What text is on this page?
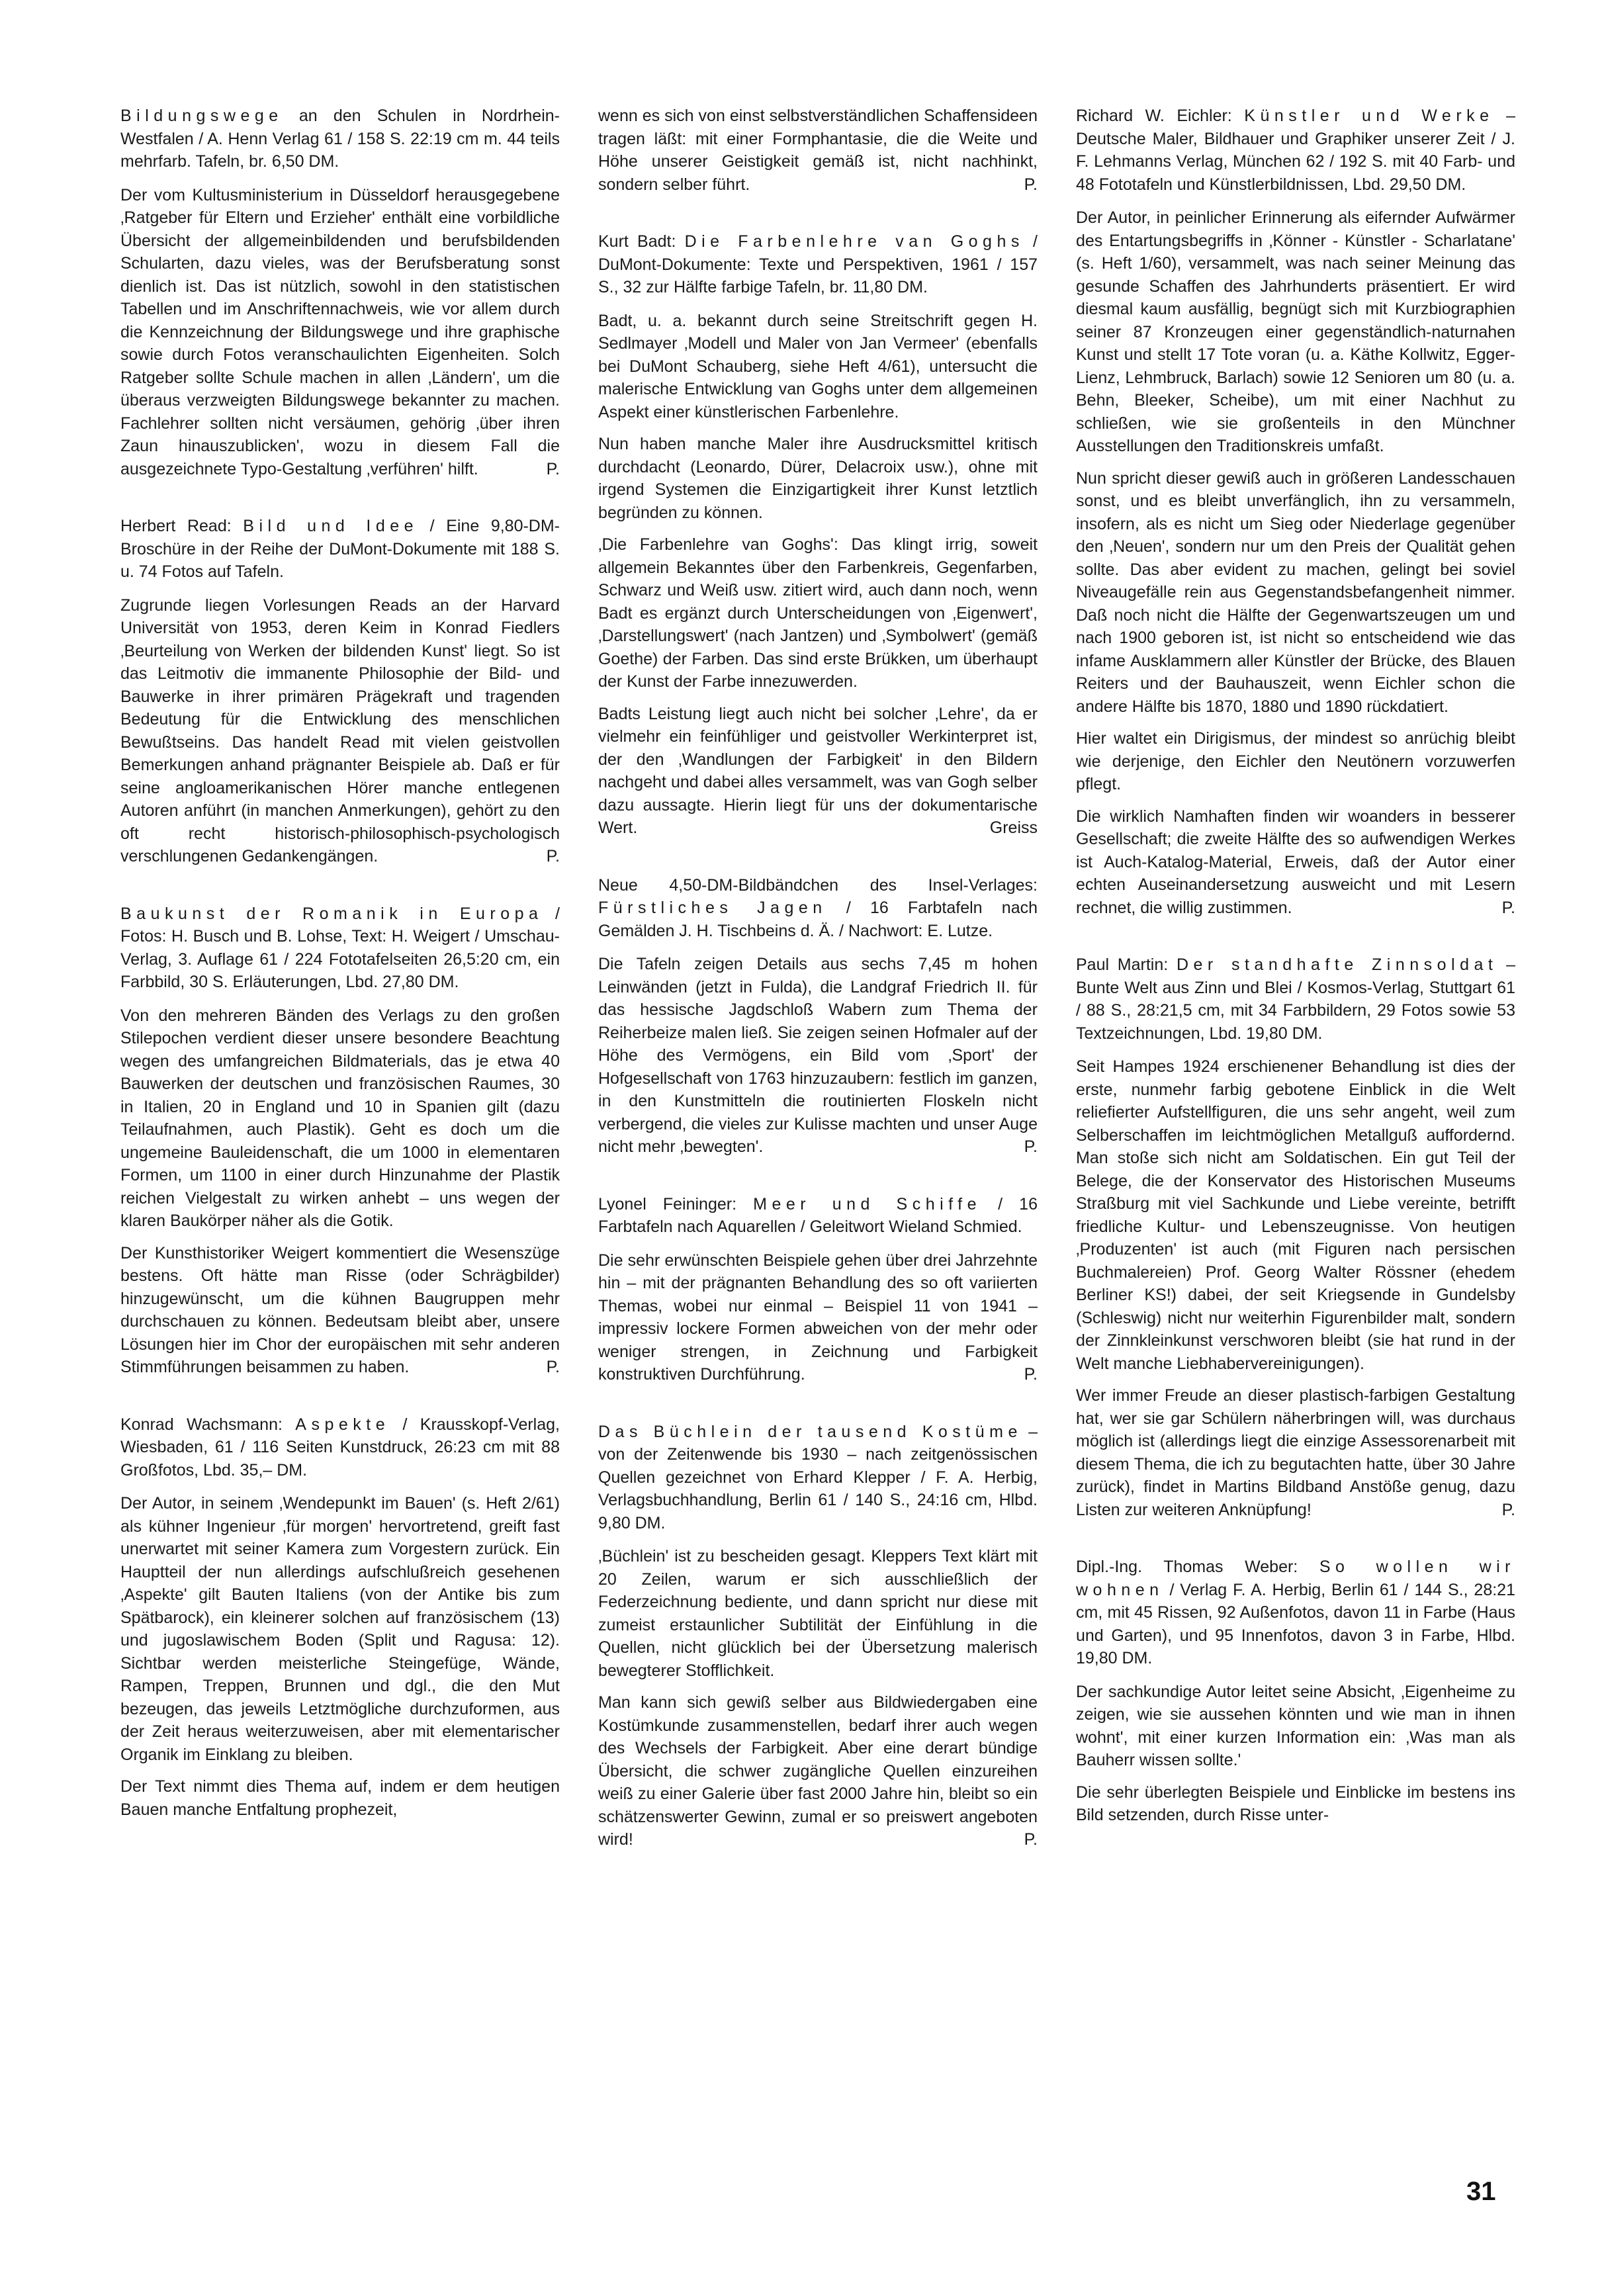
Bildungswege an den Schulen in Nordrhein-Westfalen / A. Henn Verlag 61 / 158 S. 22:19 cm m. 44 teils mehrfarb. Tafeln, br. 6,50 DM.

Der vom Kultusministerium in Düsseldorf herausgegebene ‚Ratgeber für Eltern und Erzieher' enthält eine vorbildliche Übersicht der allgemeinbildenden und berufsbildenden Schularten, dazu vieles, was der Berufsberatung sonst dienlich ist. Das ist nützlich, sowohl in den statistischen Tabellen und im Anschriftennachweis, wie vor allem durch die Kennzeichnung der Bildungswege und ihre graphische sowie durch Fotos veranschaulichten Eigenheiten. Solch Ratgeber sollte Schule machen in allen ‚Ländern', um die überaus verzweigten Bildungswege bekannter zu machen. Fachlehrer sollten nicht versäumen, gehörig ‚über ihren Zaun hinauszublicken', wozu in diesem Fall die ausgezeichnete Typo-Gestaltung ‚verführen' hilft.	P.

Herbert Read: Bild und Idee / Eine 9,80-DM-Broschüre in der Reihe der DuMont-Dokumente mit 188 S. u. 74 Fotos auf Tafeln.

Zugrunde liegen Vorlesungen Reads an der Harvard Universität von 1953, deren Keim in Konrad Fiedlers ‚Beurteilung von Werken der bildenden Kunst' liegt. So ist das Leitmotiv die immanente Philosophie der Bild- und Bauwerke in ihrer primären Prägekraft und tragenden Bedeutung für die Entwicklung des menschlichen Bewußtseins. Das handelt Read mit vielen geistvollen Bemerkungen anhand prägnanter Beispiele ab. Daß er für seine angloamerikanischen Hörer manche entlegenen Autoren anführt (in manchen Anmerkungen), gehört zu den oft recht historisch-philosophisch-psychologisch verschlungenen Gedankengängen.	P.

Baukunst der Romanik in Europa / Fotos: H. Busch und B. Lohse, Text: H. Weigert / Umschau-Verlag, 3. Auflage 61 / 224 Fototafelseiten 26,5:20 cm, ein Farbbild, 30 S. Erläuterungen, Lbd. 27,80 DM.

Von den mehreren Bänden des Verlags zu den großen Stilepochen verdient dieser unsere besondere Beachtung wegen des umfangreichen Bildmaterials, das je etwa 40 Bauwerken der deutschen und französischen Raumes, 30 in Italien, 20 in England und 10 in Spanien gilt (dazu Teilaufnahmen, auch Plastik). Geht es doch um die ungemeine Bauleidenschaft, die um 1000 in elementaren Formen, um 1100 in einer durch Hinzunahme der Plastik reichen Vielgestalt zu wirken anhebt – uns wegen der klaren Baukörper näher als die Gotik.

Der Kunsthistoriker Weigert kommentiert die Wesenszüge bestens. Oft hätte man Risse (oder Schrägbilder) hinzugewünscht, um die kühnen Baugruppen mehr durchschauen zu können. Bedeutsam bleibt aber, unsere Lösungen hier im Chor der europäischen mit sehr anderen Stimmführungen beisammen zu haben.	P.

Konrad Wachsmann: Aspekte / Krausskopf-Verlag, Wiesbaden, 61 / 116 Seiten Kunstdruck, 26:23 cm mit 88 Großfotos, Lbd. 35,– DM.

Der Autor, in seinem ‚Wendepunkt im Bauen' (s. Heft 2/61) als kühner Ingenieur ‚für morgen' hervortretend, greift fast unerwartet mit seiner Kamera zum Vorgestern zurück. Ein Hauptteil der nun allerdings aufschlußreich gesehenen ‚Aspekte' gilt Bauten Italiens (von der Antike bis zum Spätbarock), ein kleinerer solchen auf französischem (13) und jugoslawischem Boden (Split und Ragusa: 12). Sichtbar werden meisterliche Steingefüge, Wände, Rampen, Treppen, Brunnen und dgl., die den Mut bezeugen, das jeweils Letztmögliche durchzuformen, aus der Zeit heraus weiterzuweisen, aber mit elementarischer Organik im Einklang zu bleiben.

Der Text nimmt dies Thema auf, indem er dem heutigen Bauen manche Entfaltung prophezeit,

wenn es sich von einst selbstverständlichen Schaffensideen tragen läßt: mit einer Formphantasie, die die Weite und Höhe unserer Geistigkeit gemäß ist, nicht nachhinkt, sondern selber führt.	P.

Kurt Badt: Die Farbenlehre van Goghs / DuMont-Dokumente: Texte und Perspektiven, 1961 / 157 S., 32 zur Hälfte farbige Tafeln, br. 11,80 DM.

Badt, u. a. bekannt durch seine Streitschrift gegen H. Sedlmayer ‚Modell und Maler von Jan Vermeer' (ebenfalls bei DuMont Schauberg, siehe Heft 4/61), untersucht die malerische Entwicklung van Goghs unter dem allgemeinen Aspekt einer künstlerischen Farbenlehre.

Nun haben manche Maler ihre Ausdrucksmittel kritisch durchdacht (Leonardo, Dürer, Delacroix usw.), ohne mit irgend Systemen die Einzigartigkeit ihrer Kunst letztlich begründen zu können.

‚Die Farbenlehre van Goghs': Das klingt irrig, soweit allgemein Bekanntes über den Farbenkreis, Gegenfarben, Schwarz und Weiß usw. zitiert wird, auch dann noch, wenn Badt es ergänzt durch Unterscheidungen von ‚Eigenwert', ‚Darstellungswert' (nach Jantzen) und ‚Symbolwert' (gemäß Goethe) der Farben. Das sind erste Brükken, um überhaupt der Kunst der Farbe innezuwerden.

Badts Leistung liegt auch nicht bei solcher ‚Lehre', da er vielmehr ein feinfühliger und geistvoller Werkinterpret ist, der den ‚Wandlungen der Farbigkeit' in den Bildern nachgeht und dabei alles versammelt, was van Gogh selber dazu aussagte. Hierin liegt für uns der dokumentarische Wert.	Greiss

Neue 4,50-DM-Bildbändchen des Insel-Verlages: Fürstliches Jagen / 16 Farbtafeln nach Gemälden J. H. Tischbeins d. Ä. / Nachwort: E. Lutze.

Die Tafeln zeigen Details aus sechs 7,45 m hohen Leinwänden (jetzt in Fulda), die Landgraf Friedrich II. für das hessische Jagdschloß Wabern zum Thema der Reiherbeize malen ließ. Sie zeigen seinen Hofmaler auf der Höhe des Vermögens, ein Bild vom ‚Sport' der Hofgesellschaft von 1763 hinzuzaubern: festlich im ganzen, in den Kunstmitteln die routinierten Floskeln nicht verbergend, die vieles zur Kulisse machten und unser Auge nicht mehr ‚bewegten'.	P.

Lyonel Feininger: Meer und Schiffe / 16 Farbtafeln nach Aquarellen / Geleitwort Wieland Schmied.

Die sehr erwünschten Beispiele gehen über drei Jahrzehnte hin – mit der prägnanten Behandlung des so oft variierten Themas, wobei nur einmal – Beispiel 11 von 1941 – impressiv lockere Formen abweichen von der mehr oder weniger strengen, in Zeichnung und Farbigkeit konstruktiven Durchführung.	P.

Das Büchlein der tausend Kostüme – von der Zeitenwende bis 1930 – nach zeitgenössischen Quellen gezeichnet von Erhard Klepper / F. A. Herbig, Verlagsbuchhandlung, Berlin 61 / 140 S., 24:16 cm, Hlbd. 9,80 DM.

‚Büchlein' ist zu bescheiden gesagt. Kleppers Text klärt mit 20 Zeilen, warum er sich ausschließlich der Federzeichnung bediente, und dann spricht nur diese mit zumeist erstaunlicher Subtilität der Einfühlung in die Quellen, nicht glücklich bei der Übersetzung malerisch bewegterer Stofflichkeit.

Man kann sich gewiß selber aus Bildwiedergaben eine Kostümkunde zusammenstellen, bedarf ihrer auch wegen des Wechsels der Farbigkeit. Aber eine derart bündige Übersicht, die schwer zugängliche Quellen einzureihen weiß zu einer Galerie über fast 2000 Jahre hin, bleibt so ein schätzenswerter Gewinn, zumal er so preiswert angeboten wird!	P.

Richard W. Eichler: Künstler und Werke – Deutsche Maler, Bildhauer und Graphiker unserer Zeit / J. F. Lehmanns Verlag, München 62 / 192 S. mit 40 Farb- und 48 Fototafeln und Künstlerbildnissen, Lbd. 29,50 DM.

Der Autor, in peinlicher Erinnerung als eifernder Aufwärmer des Entartungsbegriffs in ‚Könner - Künstler - Scharlatane' (s. Heft 1/60), versammelt, was nach seiner Meinung das gesunde Schaffen des Jahrhunderts präsentiert. Er wird diesmal kaum ausfällig, begnügt sich mit Kurzbiographien seiner 87 Kronzeugen einer gegenständlich-naturnahen Kunst und stellt 17 Tote voran (u. a. Käthe Kollwitz, Egger-Lienz, Lehmbruck, Barlach) sowie 12 Senioren um 80 (u. a. Behn, Bleeker, Scheibe), um mit einer Nachhut zu schließen, wie sie großenteils in den Münchner Ausstellungen den Traditionskreis umfaßt.

Nun spricht dieser gewiß auch in größeren Landesschauen sonst, und es bleibt unverfänglich, ihn zu versammeln, insofern, als es nicht um Sieg oder Niederlage gegenüber den ‚Neuen', sondern nur um den Preis der Qualität gehen sollte. Das aber evident zu machen, gelingt bei soviel Niveaugefälle rein aus Gegenstandsbefangenheit nimmer. Daß noch nicht die Hälfte der Gegenwartszeugen um und nach 1900 geboren ist, ist nicht so entscheidend wie das infame Ausklammern aller Künstler der Brücke, des Blauen Reiters und der Bauhauszeit, wenn Eichler schon die andere Hälfte bis 1870, 1880 und 1890 rückdatiert.

Hier waltet ein Dirigismus, der mindest so anrüchig bleibt wie derjenige, den Eichler den Neutönern vorzuwerfen pflegt.

Die wirklich Namhaften finden wir woanders in besserer Gesellschaft; die zweite Hälfte des so aufwendigen Werkes ist Auch-Katalog-Material, Erweis, daß der Autor einer echten Auseinandersetzung ausweicht und mit Lesern rechnet, die willig zustimmen.	P.

Paul Martin: Der standhafte Zinnsoldat – Bunte Welt aus Zinn und Blei / Kosmos-Verlag, Stuttgart 61 / 88 S., 28:21,5 cm, mit 34 Farbbildern, 29 Fotos sowie 53 Textzeichnungen, Lbd. 19,80 DM.

Seit Hampes 1924 erschienener Behandlung ist dies der erste, nunmehr farbig gebotene Einblick in die Welt reliefierter Aufstellfiguren, die uns sehr angeht, weil zum Selberschaffen im leichtmöglichen Metallguß auffordernd. Man stoße sich nicht am Soldatischen. Ein gut Teil der Belege, die der Konservator des Historischen Museums Straßburg mit viel Sachkunde und Liebe vereinte, betrifft friedliche Kultur- und Lebenszeugnisse. Von heutigen ‚Produzenten' ist auch (mit Figuren nach persischen Buchmalereien) Prof. Georg Walter Rössner (ehedem Berliner KS!) dabei, der seit Kriegsende in Gundelsby (Schleswig) nicht nur weiterhin Figurenbilder malt, sondern der Zinnkleinkunst verschworen bleibt (sie hat rund in der Welt manche Liebhabervereinigungen).

Wer immer Freude an dieser plastisch-farbigen Gestaltung hat, wer sie gar Schülern näherbringen will, was durchaus möglich ist (allerdings liegt die einzige Assessorenarbeit mit diesem Thema, die ich zu begutachten hatte, über 30 Jahre zurück), findet in Martins Bildband Anstöße genug, dazu Listen zur weiteren Anknüpfung!	P.

Dipl.-Ing. Thomas Weber: So wollen wir wohnen / Verlag F. A. Herbig, Berlin 61 / 144 S., 28:21 cm, mit 45 Rissen, 92 Außenfotos, davon 11 in Farbe (Haus und Garten), und 95 Innenfotos, davon 3 in Farbe, Hlbd. 19,80 DM.

Der sachkundige Autor leitet seine Absicht, ‚Eigenheime zu zeigen, wie sie aussehen könnten und wie man in ihnen wohnt', mit einer kurzen Information ein: ‚Was man als Bauherr wissen sollte.'

Die sehr überlegten Beispiele und Einblicke im bestens ins Bild setzenden, durch Risse unter-

31
